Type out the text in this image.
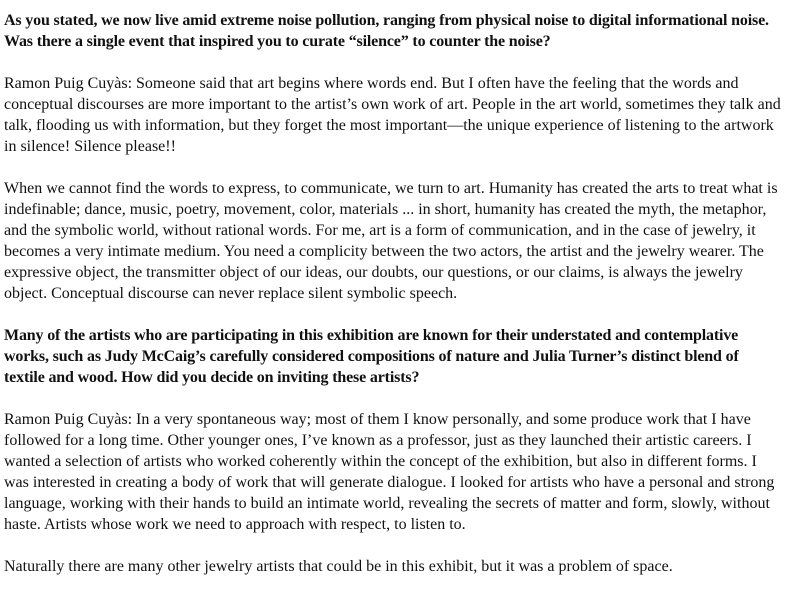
As you stated, we now live amid extreme noise pollution, ranging from physical noise to digital informational noise. Was there a single event that inspired you to curate “silence” to counter the noise?

Ramon Puig Cuyàs: Someone said that art begins where words end. But I often have the feeling that the words and conceptual discourses are more important to the artist’s own work of art. People in the art world, sometimes they talk and talk, flooding us with information, but they forget the most important—the unique experience of listening to the artwork in silence! Silence please!!

When we cannot find the words to express, to communicate, we turn to art. Humanity has created the arts to treat what is indefinable; dance, music, poetry, movement, color, materials ... in short, humanity has created the myth, the metaphor, and the symbolic world, without rational words. For me, art is a form of communication, and in the case of jewelry, it becomes a very intimate medium. You need a complicity between the two actors, the artist and the jewelry wearer. The expressive object, the transmitter object of our ideas, our doubts, our questions, or our claims, is always the jewelry object. Conceptual discourse can never replace silent symbolic speech.

Many of the artists who are participating in this exhibition are known for their understated and contemplative works, such as Judy McCaig’s carefully considered compositions of nature and Julia Turner’s distinct blend of textile and wood. How did you decide on inviting these artists?

Ramon Puig Cuyàs: In a very spontaneous way; most of them I know personally, and some produce work that I have followed for a long time. Other younger ones, I’ve known as a professor, just as they launched their artistic careers. I wanted a selection of artists who worked coherently within the concept of the exhibition, but also in different forms. I was interested in creating a body of work that will generate dialogue. I looked for artists who have a personal and strong language, working with their hands to build an intimate world, revealing the secrets of matter and form, slowly, without haste. Artists whose work we need to approach with respect, to listen to.

Naturally there are many other jewelry artists that could be in this exhibit, but it was a problem of space.
